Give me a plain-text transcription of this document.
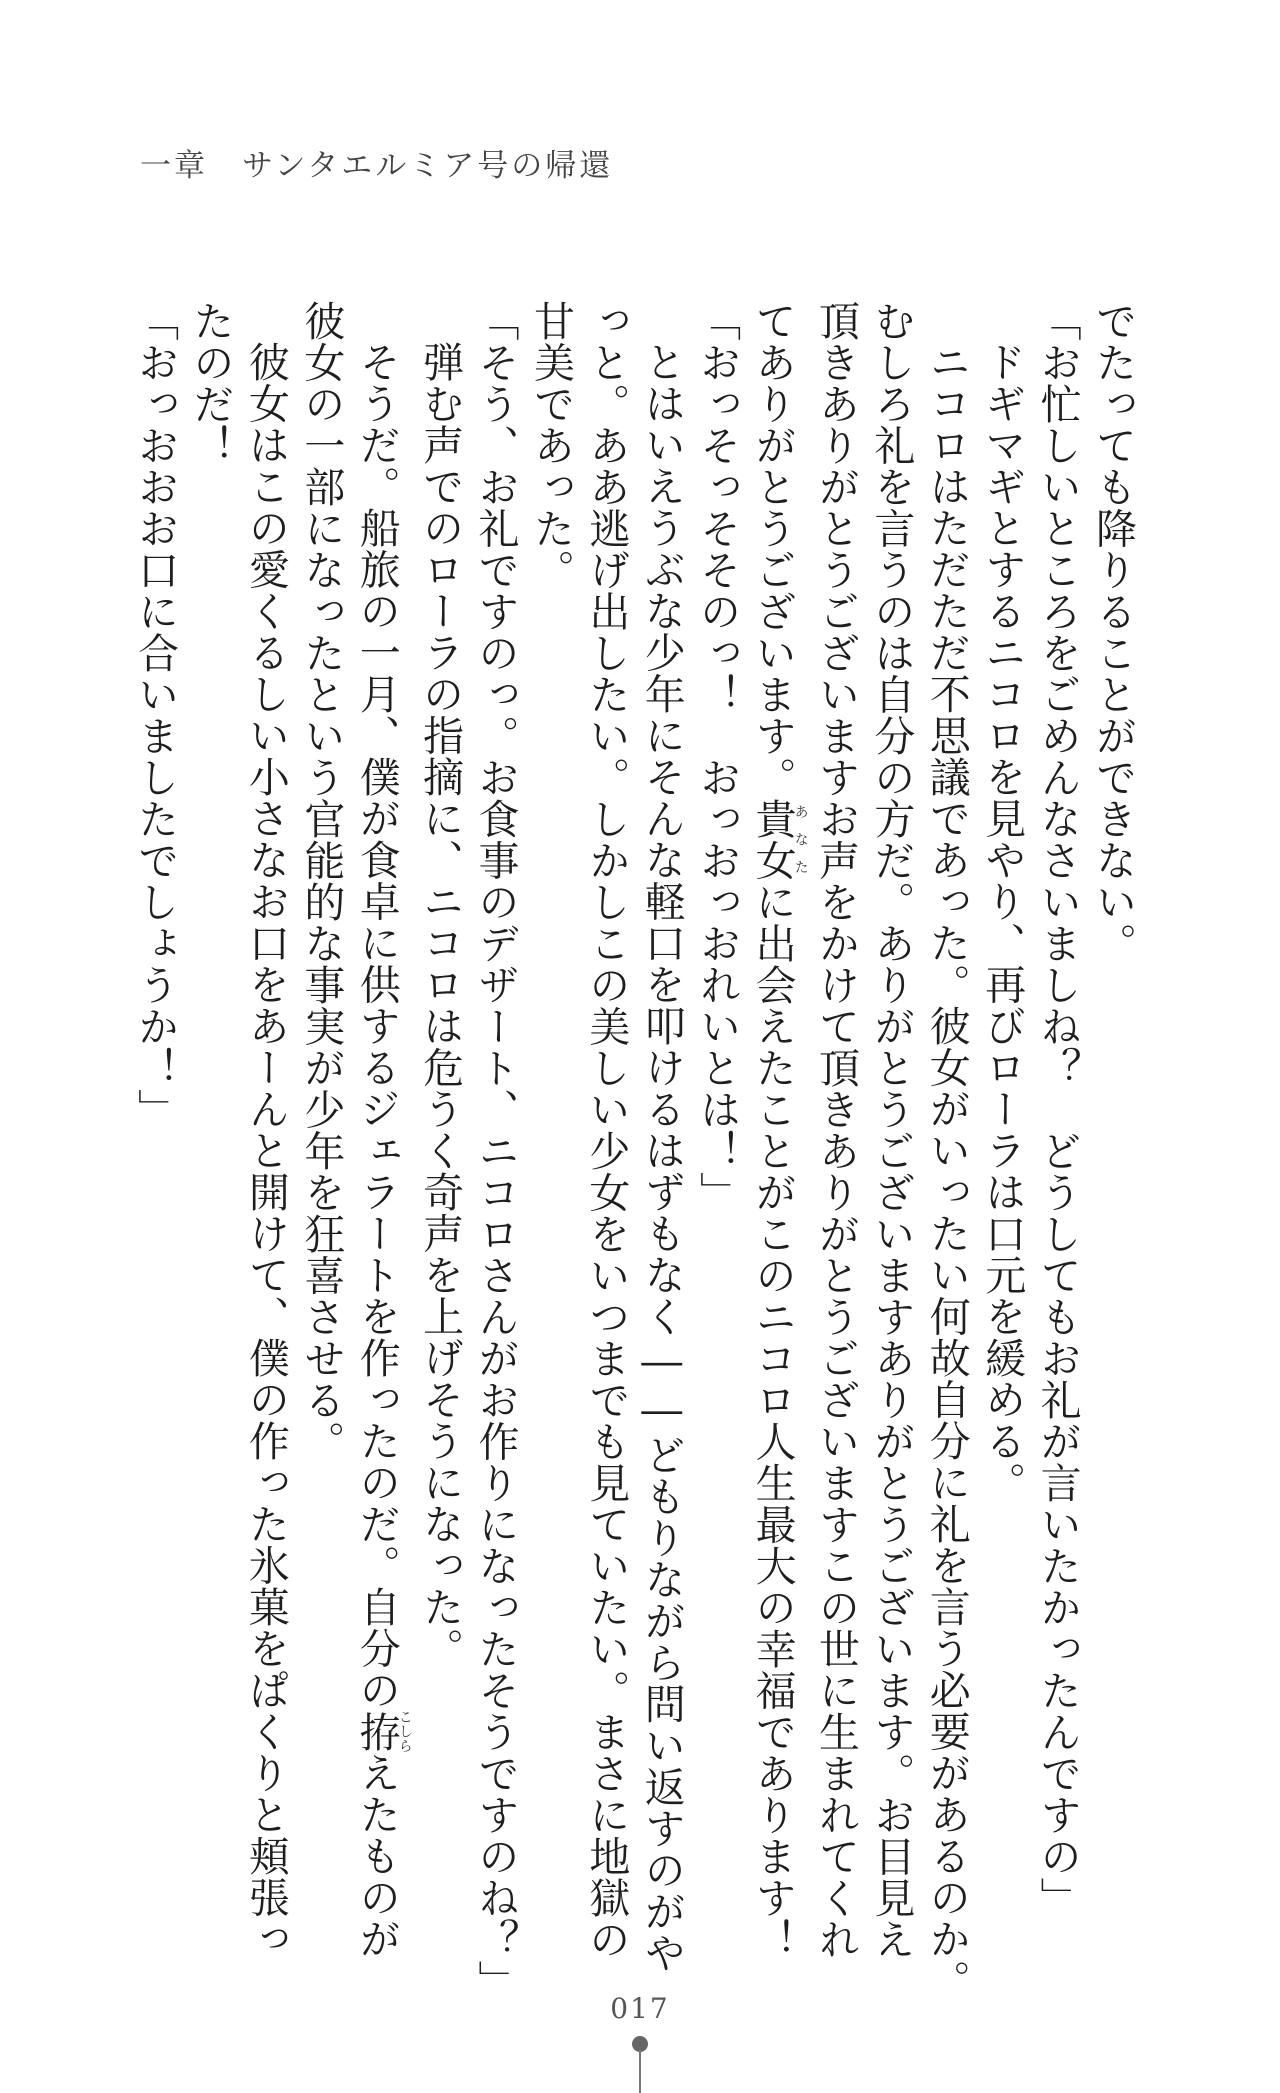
一章　サンタエルミア号の帰還
でたっても降りることができない。
「お忙しいところをごめんなさいましね？　どうしてもお礼が言いたかったんですの」
ドギマギとするニコロを見やり、再びローラは口元を緩める。
ニコロはただただ不思議であった。彼女がいったい何故自分に礼を言う必要があるのか。
むしろ礼を言うのは自分の方だ。ありがとうございますありがとうございます。お目見え
頂きありがとうございますお声をかけて頂きありがとうございますこの世に生まれてくれ
てありがとうございます。貴女あなたに出会えたことがこのニコロ人生最大の幸福であります！
「おっそっそそのっ！　おっおっおれいとは！」
とはいえうぶな少年にそんな軽口を叩けるはずもなく――どもりながら問い返すのがや
っと。ああ逃げ出したい。しかしこの美しい少女をいつまでも見ていたい。まさに地獄の
甘美であった。
「そう、お礼ですのっ。お食事のデザート、ニコロさんがお作りになったそうですのね？」
弾む声でのローラの指摘に、ニコロは危うく奇声を上げそうになった。
そうだ。船旅の一月、僕が食卓に供するジェラートを作ったのだ。自分の拵こしらえたものが
彼女の一部になったという官能的な事実が少年を狂喜させる。
彼女はこの愛くるしい小さなお口をあーんと開けて、僕の作った氷菓をぱくりと頬張っ
たのだ！
「おっおおお口に合いましたでしょうか！」
017
